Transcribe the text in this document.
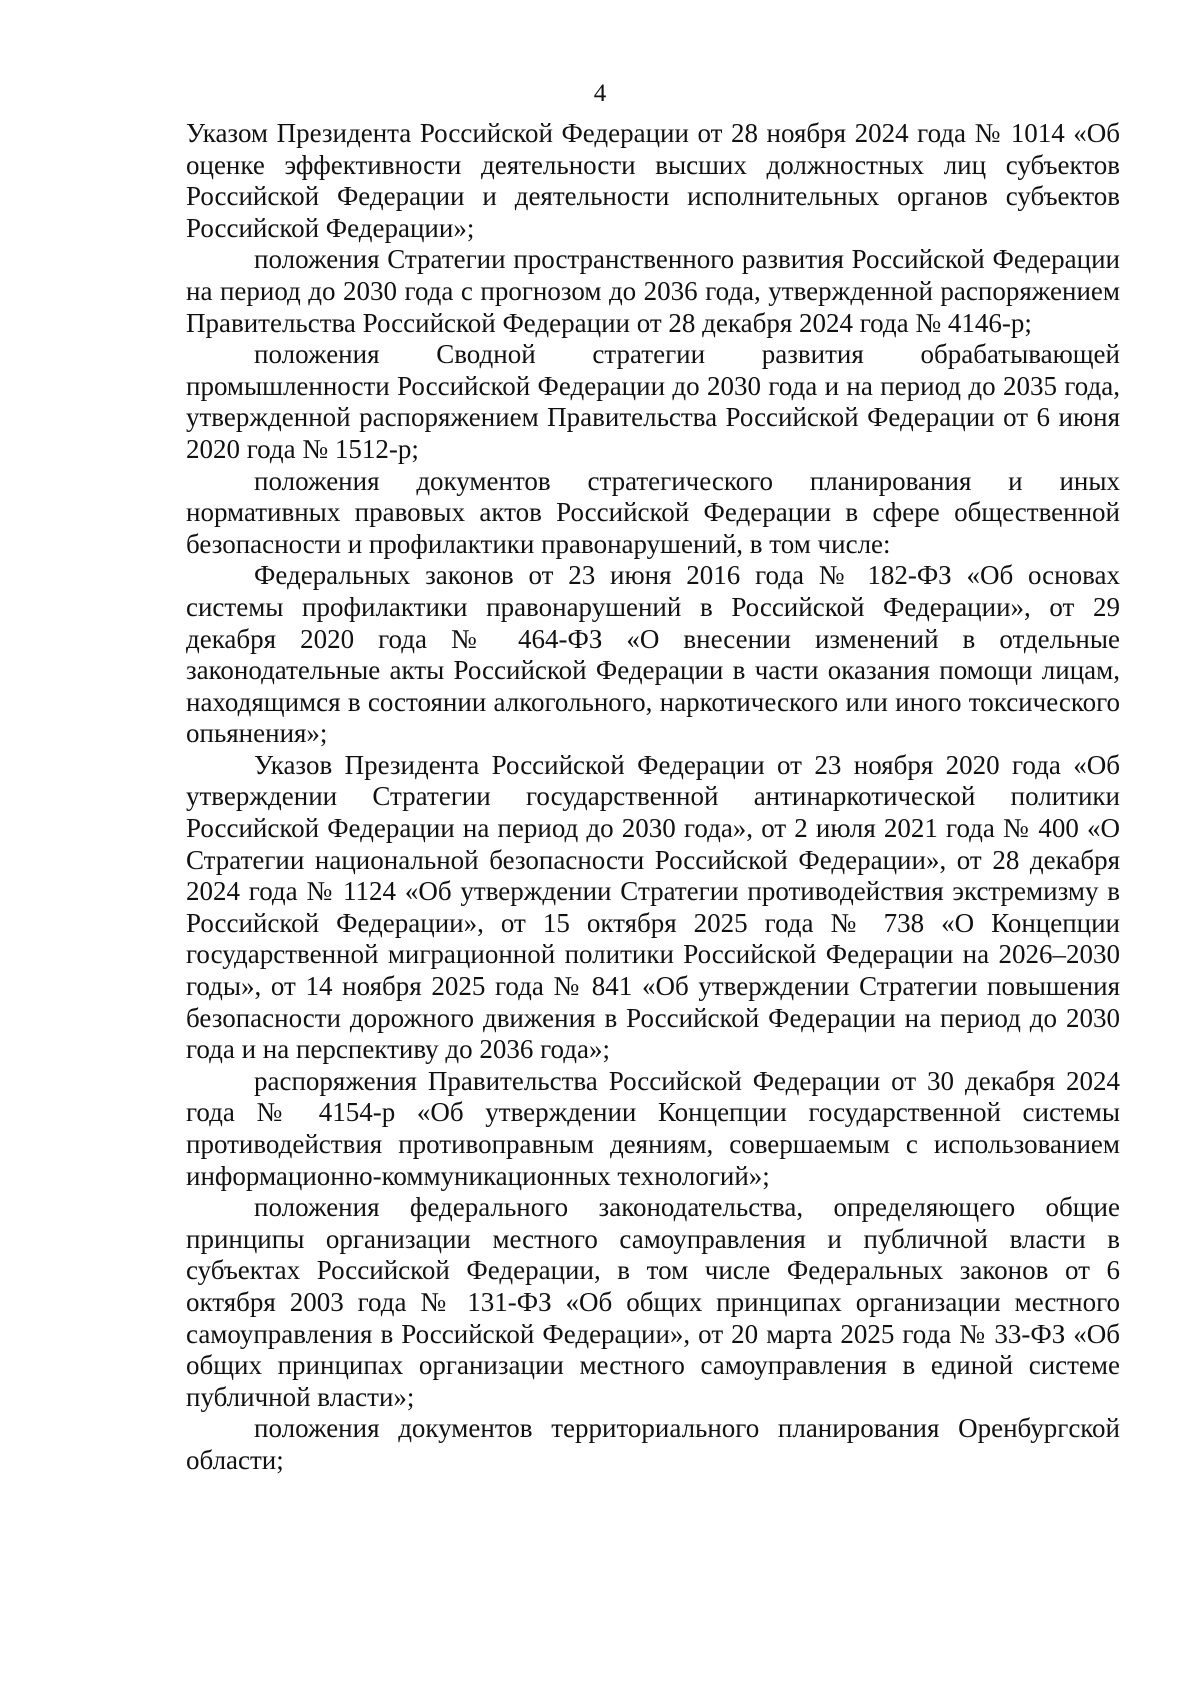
4

Указом Президента Российской Федерации от 28 ноября 2024 года № 1014 «Об оценке эффективности деятельности высших должностных лиц субъектов Российской Федерации и деятельности исполнительных органов субъектов Российской Федерации»;

положения Стратегии пространственного развития Российской Федерации на период до 2030 года с прогнозом до 2036 года, утвержденной распоряжением Правительства Российской Федерации от 28 декабря 2024 года № 4146-р;

положения Сводной стратегии развития обрабатывающей промышленности Российской Федерации до 2030 года и на период до 2035 года, утвержденной распоряжением Правительства Российской Федерации от 6 июня 2020 года № 1512-р;

положения документов стратегического планирования и иных нормативных правовых актов Российской Федерации в сфере общественной безопасности и профилактики правонарушений, в том числе:

Федеральных законов от 23 июня 2016 года № 182-ФЗ «Об основах системы профилактики правонарушений в Российской Федерации», от 29 декабря 2020 года № 464-ФЗ «О внесении изменений в отдельные законодательные акты Российской Федерации в части оказания помощи лицам, находящимся в состоянии алкогольного, наркотического или иного токсического опьянения»;

Указов Президента Российской Федерации от 23 ноября 2020 года «Об утверждении Стратегии государственной антинаркотической политики Российской Федерации на период до 2030 года», от 2 июля 2021 года № 400 «О Стратегии национальной безопасности Российской Федерации», от 28 декабря 2024 года № 1124 «Об утверждении Стратегии противодействия экстремизму в Российской Федерации», от 15 октября 2025 года № 738 «О Концепции государственной миграционной политики Российской Федерации на 2026–2030 годы», от 14 ноября 2025 года № 841 «Об утверждении Стратегии повышения безопасности дорожного движения в Российской Федерации на период до 2030 года и на перспективу до 2036 года»;

распоряжения Правительства Российской Федерации от 30 декабря 2024 года № 4154-р «Об утверждении Концепции государственной системы противодействия противоправным деяниям, совершаемым с использованием информационно-коммуникационных технологий»;

положения федерального законодательства, определяющего общие принципы организации местного самоуправления и публичной власти в субъектах Российской Федерации, в том числе Федеральных законов от 6 октября 2003 года № 131-ФЗ «Об общих принципах организации местного самоуправления в Российской Федерации», от 20 марта 2025 года № 33-ФЗ «Об общих принципах организации местного самоуправления в единой системе публичной власти»;

положения документов территориального планирования Оренбургской области;
